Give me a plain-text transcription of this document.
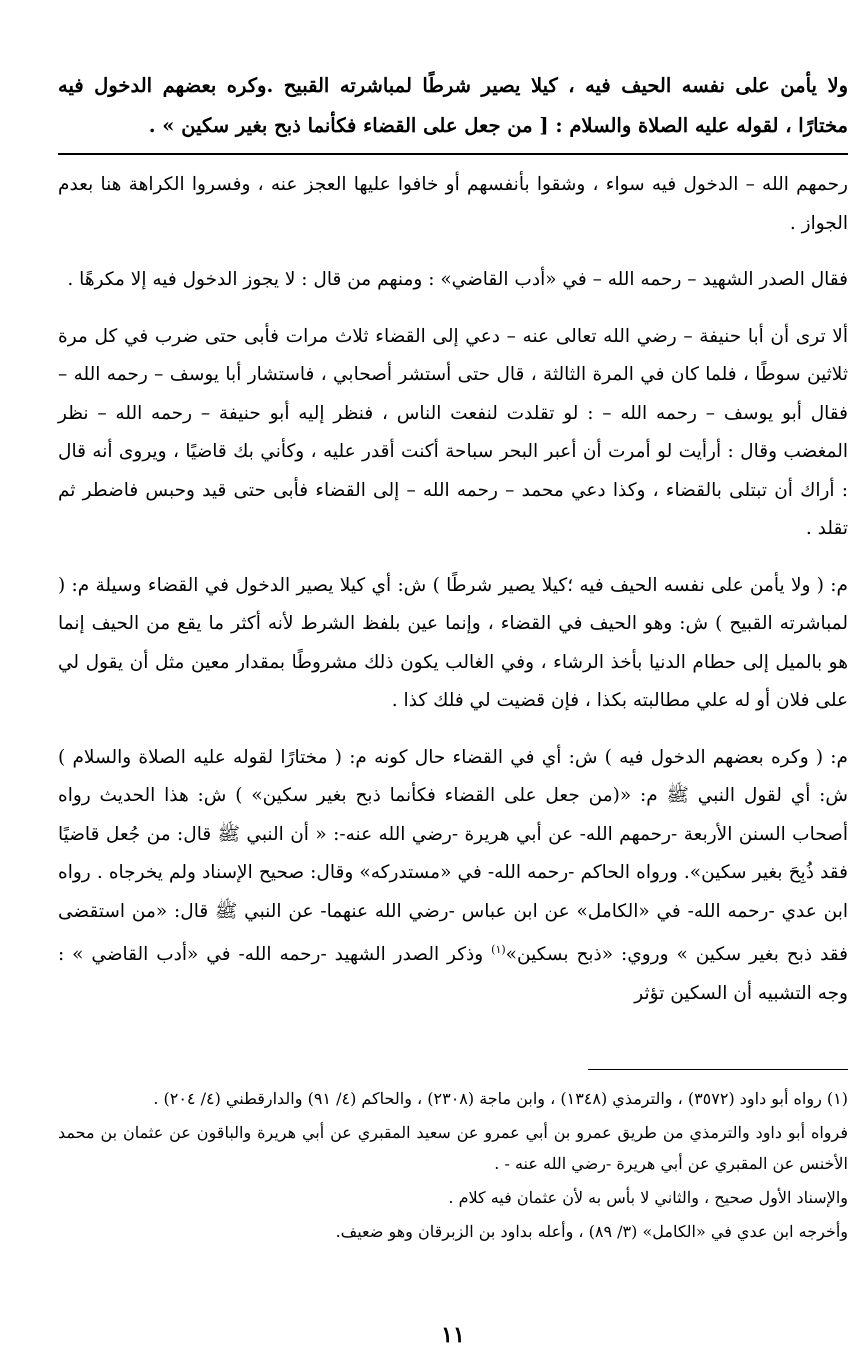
ولا يأمن على نفسه الحيف فيه ، كيلا يصير شرطًا لمباشرته القبيح .وكره بعضهم الدخول فيه مختارًا ، لقوله عليه الصلاة والسلام : [ من جعل على القضاء فكأنما ذبح بغير سكين » .

رحمهم الله – الدخول فيه سواء ، وشقوا بأنفسهم أو خافوا عليها العجز عنه ، وفسروا الكراهة هنا بعدم الجواز .

فقال الصدر الشهيد – رحمه الله – في «أدب القاضي» : ومنهم من قال : لا يجوز الدخول فيه إلا مكرهًا .

ألا ترى أن أبا حنيفة – رضي الله تعالى عنه – دعي إلى القضاء ثلاث مرات فأبى حتى ضرب في كل مرة ثلاثين سوطًا ، فلما كان في المرة الثالثة ، قال حتى أستشر أصحابي ، فاستشار أبا يوسف – رحمه الله – فقال أبو يوسف – رحمه الله – : لو تقلدت لنفعت الناس ، فنظر إليه أبو حنيفة – رحمه الله – نظر المغضب وقال : أرأيت لو أمرت أن أعبر البحر سباحة أكنت أقدر عليه ، وكأني بك قاضيًا ، ويروى أنه قال : أراك أن تبتلى بالقضاء ، وكذا دعي محمد – رحمه الله – إلى القضاء فأبى حتى قيد وحبس فاضطر ثم تقلد .

م: ( ولا يأمن على نفسه الحيف فيه ؛كيلا يصير شرطًا ) ش: أي كيلا يصير الدخول في القضاء وسيلة م: ( لمباشرته القبيح ) ش: وهو الحيف في القضاء ، وإنما عين بلفظ الشرط لأنه أكثر ما يقع من الحيف إنما هو بالميل إلى حطام الدنيا بأخذ الرشاء ، وفي الغالب يكون ذلك مشروطًا بمقدار معين مثل أن يقول لي على فلان أو له علي مطالبته بكذا ، فإن قضيت لي فلك كذا .

م: ( وكره بعضهم الدخول فيه ) ش: أي في القضاء حال كونه م: ( مختارًا لقوله عليه الصلاة والسلام ) ش: أي لقول النبي ﷺ م: «(من جعل على القضاء فكأنما ذبح بغير سكين» ) ش: هذا الحديث رواه أصحاب السنن الأربعة -رحمهم الله- عن أبي هريرة -رضي الله عنه-: « أن النبي ﷺ قال: من جُعل قاضيًا فقد ذُبِحَ بغير سكين». ورواه الحاكم -رحمه الله- في «مستدركه» وقال: صحيح الإسناد ولم يخرجاه . رواه ابن عدي -رحمه الله- في «الكامل» عن ابن عباس -رضي الله عنهما- عن النبي ﷺ قال: «من استقضى فقد ذبح بغير سكين » وروي: «ذبح بسكين»$^{(١)}$ وذكر الصدر الشهيد -رحمه الله- في «أدب القاضي » : وجه التشبيه أن السكين تؤثر

(١) رواه أبو داود (٣٥٧٢) ، والترمذي (١٣٤٨) ، وابن ماجة (٢٣٠٨) ، والحاكم (٤/ ٩١) والدارقطني (٤/ ٢٠٤) .

فرواه أبو داود والترمذي من طريق عمرو بن أبي عمرو عن سعيد المقبري عن أبي هريرة والباقون عن عثمان بن محمد الأخنس عن المقبري عن أبي هريرة -رضي الله عنه - .

والإسناد الأول صحيح ، والثاني لا بأس به لأن عثمان فيه كلام .

وأخرجه ابن عدي في «الكامل» (٣/ ٨٩) ، وأعله بداود بن الزبرقان وهو ضعيف.

١١
